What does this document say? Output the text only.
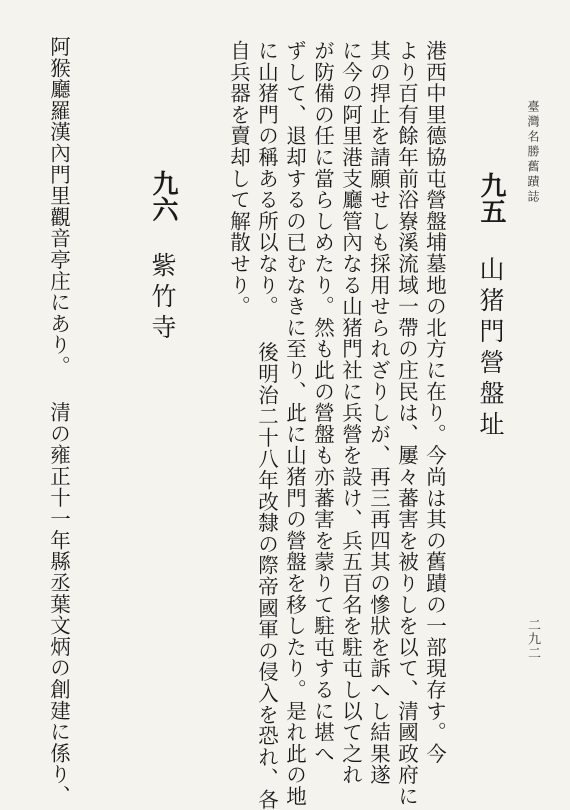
臺灣名勝舊蹟誌
二九二
九五
山猪門營盤址
港西中里德協屯營盤埔墓地の北方に在り。今尚は其の舊蹟の一部現存す。今
より百有餘年前浴嶚溪流域一帶の庄民は、屢々蕃害を被りしを以て、清國政府に
其の捍止を請願せしも採用せられざりしが、再三再四其の慘狀を訴へし結果遂
に今の阿里港支廳管內なる山猪門社に兵營を設け、兵五百名を駐屯し以て之れ
が防備の任に當らしめたり。然も此の營盤も亦蕃害を蒙りて駐屯するに堪へ
ずして、退却するの已むなきに至り、此に山猪門の營盤を移したり。是れ此の地
に山猪門の稱ある所以なり。 後明治二十八年改隸の際帝國軍の侵入を恐れ、各
自兵器を賣却して解散せり。
九六
紫竹寺
阿猴廳羅漢內門里觀音亭庄にあり。 清の雍正十一年縣丞葉文炳の創建に係り、
